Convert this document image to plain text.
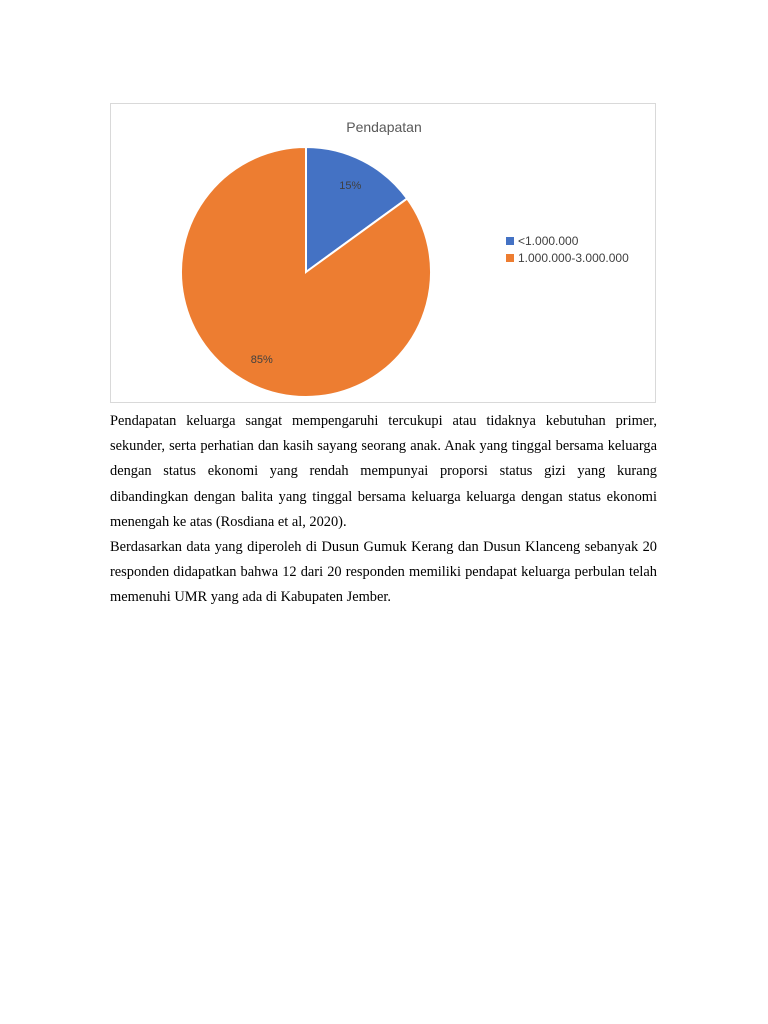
Pendapatan
15%
85%
<1.000.000
1.000.000-3.000.000

Pendapatan keluarga sangat mempengaruhi tercukupi atau tidaknya kebutuhan primer, sekunder, serta perhatian dan kasih sayang seorang anak. Anak yang tinggal bersama keluarga dengan status ekonomi yang rendah mempunyai proporsi status gizi yang kurang dibandingkan dengan balita yang tinggal bersama keluarga keluarga dengan status ekonomi menengah ke atas (Rosdiana et al, 2020).

Berdasarkan data yang diperoleh di Dusun Gumuk Kerang dan Dusun Klanceng sebanyak 20 responden didapatkan bahwa 12 dari 20 responden memiliki pendapat keluarga perbulan telah memenuhi UMR yang ada di Kabupaten Jember.
